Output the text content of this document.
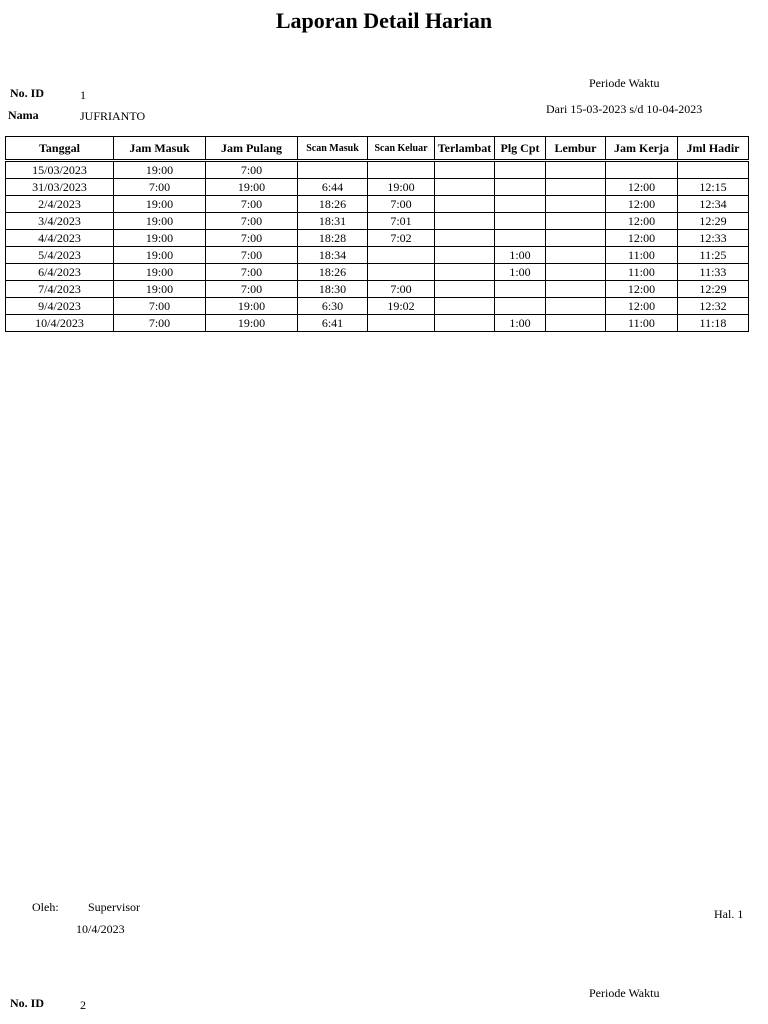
Laporan Detail Harian
No. ID	1
Nama	JUFRIANTO
Periode Waktu
Dari 15-03-2023 s/d 10-04-2023
Tanggal	Jam Masuk	Jam Pulang	Scan Masuk	Scan Keluar	Terlambat	Plg Cpt	Lembur	Jam Kerja	Jml Hadir

15/03/2023	19:00	7:00							
31/03/2023	7:00	19:00	6:44	19:00				12:00	12:15
2/4/2023	19:00	7:00	18:26	7:00				12:00	12:34
3/4/2023	19:00	7:00	18:31	7:01				12:00	12:29
4/4/2023	19:00	7:00	18:28	7:02				12:00	12:33
5/4/2023	19:00	7:00	18:34			1:00		11:00	11:25
6/4/2023	19:00	7:00	18:26			1:00		11:00	11:33
7/4/2023	19:00	7:00	18:30	7:00				12:00	12:29
9/4/2023	7:00	19:00	6:30	19:02				12:00	12:32
10/4/2023	7:00	19:00	6:41			1:00		11:00	11:18
Oleh: Supervisor
10/4/2023
Hal. 1
No. ID	2
Periode Waktu
